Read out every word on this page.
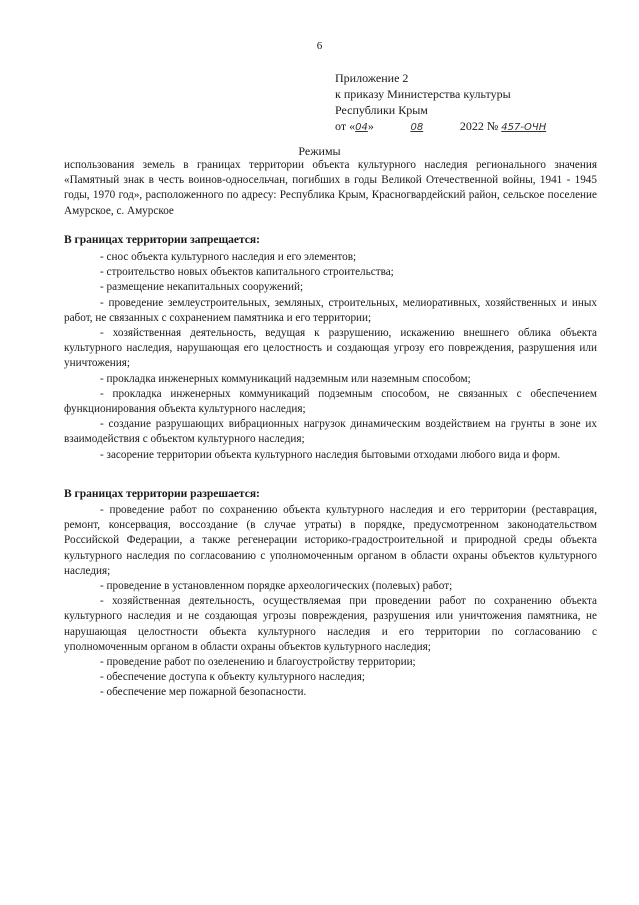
6
Приложение 2
к приказу Министерства культуры
Республики Крым
от «04»	08	2022 № 457-ОЧН
Режимы
использования земель в границах территории объекта культурного наследия регионального значения «Памятный знак в честь воинов-односельчан, погибших в годы Великой Отечественной войны, 1941 - 1945 годы, 1970 год», расположенного по адресу: Республика Крым, Красногвардейский район, сельское поселение Амурское, с. Амурское
В границах территории запрещается:

- снос объекта культурного наследия и его элементов;

- строительство новых объектов капитального строительства;

- размещение некапитальных сооружений;

- проведение землеустроительных, земляных, строительных, мелиоративных, хозяйственных и иных работ, не связанных с сохранением памятника и его территории;

- хозяйственная деятельность, ведущая к разрушению, искажению внешнего облика объекта культурного наследия, нарушающая его целостность и создающая угрозу его повреждения, разрушения или уничтожения;

- прокладка инженерных коммуникаций надземным или наземным способом;

- прокладка инженерных коммуникаций подземным способом, не связанных с обеспечением функционирования объекта культурного наследия;

- создание разрушающих вибрационных нагрузок динамическим воздействием на грунты в зоне их взаимодействия с объектом культурного наследия;

- засорение территории объекта культурного наследия бытовыми отходами любого вида и форм.

В границах территории разрешается:

- проведение работ по сохранению объекта культурного наследия и его территории (реставрация, ремонт, консервация, воссоздание (в случае утраты) в порядке, предусмотренном законодательством Российской Федерации, а также регенерации историко-градостроительной и природной среды объекта культурного наследия по согласованию с уполномоченным органом в области охраны объектов культурного наследия;

- проведение в установленном порядке археологических (полевых) работ;

- хозяйственная деятельность, осуществляемая при проведении работ по сохранению объекта культурного наследия и не создающая угрозы повреждения, разрушения или уничтожения памятника, не нарушающая целостности объекта культурного наследия и его территории по согласованию с уполномоченным органом в области охраны объектов культурного наследия;

- проведение работ по озеленению и благоустройству территории;

- обеспечение доступа к объекту культурного наследия;

- обеспечение мер пожарной безопасности.
